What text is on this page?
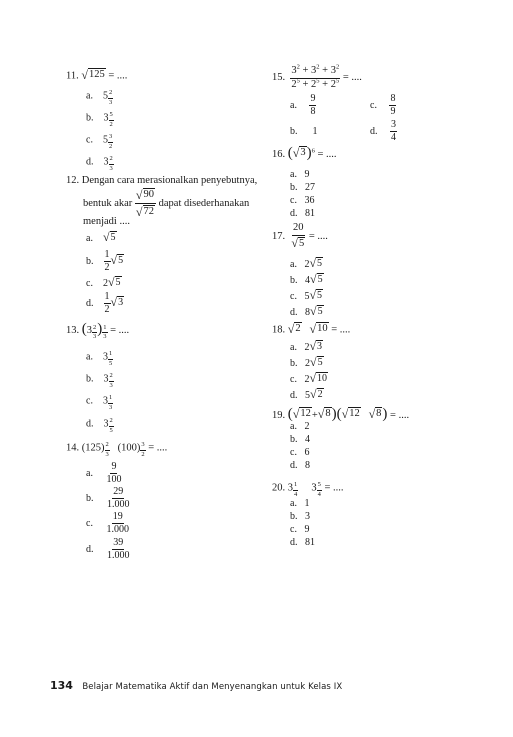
11. √ 125 = ....
a. $5 \frac{2}{3}$
b. $3 \frac{5}{2}$
c. $5 \frac{3}{2}$
d. $3 \frac{2}{3}$
12. Dengan cara merasionalkan penyebutnya,
bentuk akar $\frac{√ 90}{√ 72}$ dapat disederhanakan
menjadi ....
a. √ 5
b. $\frac{1}{2}$ √ 5
c. 2 √ 5
d. $\frac{1}{2}$ √ 3
13. ($3 \frac{2}{3}$ ) $\frac{1}{3}$ = ....
a. $3 \frac{1}{5}$
b. $3 \frac{2}{3}$
c. $3 \frac{1}{3}$
d. $3 \frac{2}{5}$
14. $(125) \frac{2}{3} (100) \frac{3}{2}$ = ....
a. $\frac{9}{100}$
b. $\frac{29}{1.000}$
c. $\frac{19}{1.000}$
d. $\frac{39}{1.000}$
15. $\frac{3^2 + 3^2 + 3^2}{2^5 + 2^5 + 2^5}$ = ....
a. $\frac{9}{8}$	c. $\frac{8}{9}$
b. 1	d. $\frac{3}{4}$
16. ( √ 3 )$^6$ = ....
a. 9
b. 27
c. 36
d. 81
17. $\frac{20}{√ 5}$ = ....
a. 2 √ 5
b. 4 √ 5
c. 5 √ 5
d. 8 √ 5
18. √ 2
√ 10 = ....
a. 2 √ 3
b. 2 √ 5
c. 2 √ 10
d. 5 √ 2
19. ( √ 12 + √ 8 )( √ 12
√ 8 ) = ....
a. 2
b. 4
c. 6
d. 8
20. $3 \frac{1}{4} 3 \frac{5}{4}$ = ....
a. 1
b. 3
c. 9
d. 81
134 Belajar Matematika Aktif dan Menyenangkan untuk Kelas IX
